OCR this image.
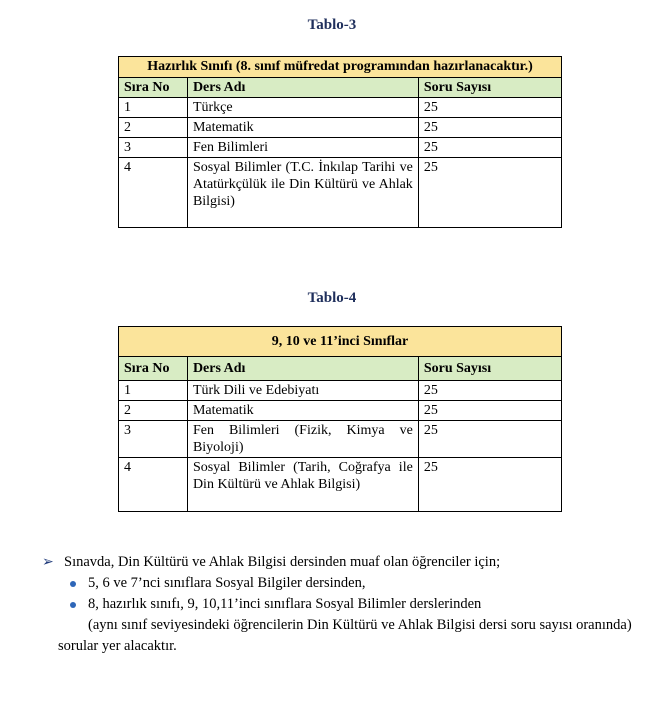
Tablo-3
Hazırlık Sınıfı (8. sınıf müfredat programından hazırlanacaktır.)		
Sıra No	Ders Adı	Soru Sayısı
1	Türkçe	25
2	Matematik	25
3	Fen Bilimleri	25
4	Sosyal Bilimler (T.C. İnkılap Tarihi ve Atatürkçülük ile Din Kültürü ve Ahlak Bilgisi)	25
Tablo-4
9, 10 ve 11’inci Sınıflar		
Sıra No	Ders Adı	Soru Sayısı
1	Türk Dili ve Edebiyatı	25
2	Matematik	25
3	Fen Bilimleri (Fizik, Kimya ve Biyoloji)	25
4	Sosyal Bilimler (Tarih, Coğrafya ile Din Kültürü ve Ahlak Bilgisi)	25
➢ Sınavda, Din Kültürü ve Ahlak Bilgisi dersinden muaf olan öğrenciler için;
5, 6 ve 7’nci sınıflara Sosyal Bilgiler dersinden,
8, hazırlık sınıfı, 9, 10,11’inci sınıflara Sosyal Bilimler derslerinden
(aynı sınıf seviyesindeki öğrencilerin Din Kültürü ve Ahlak Bilgisi dersi soru sayısı oranında)
sorular yer alacaktır.
